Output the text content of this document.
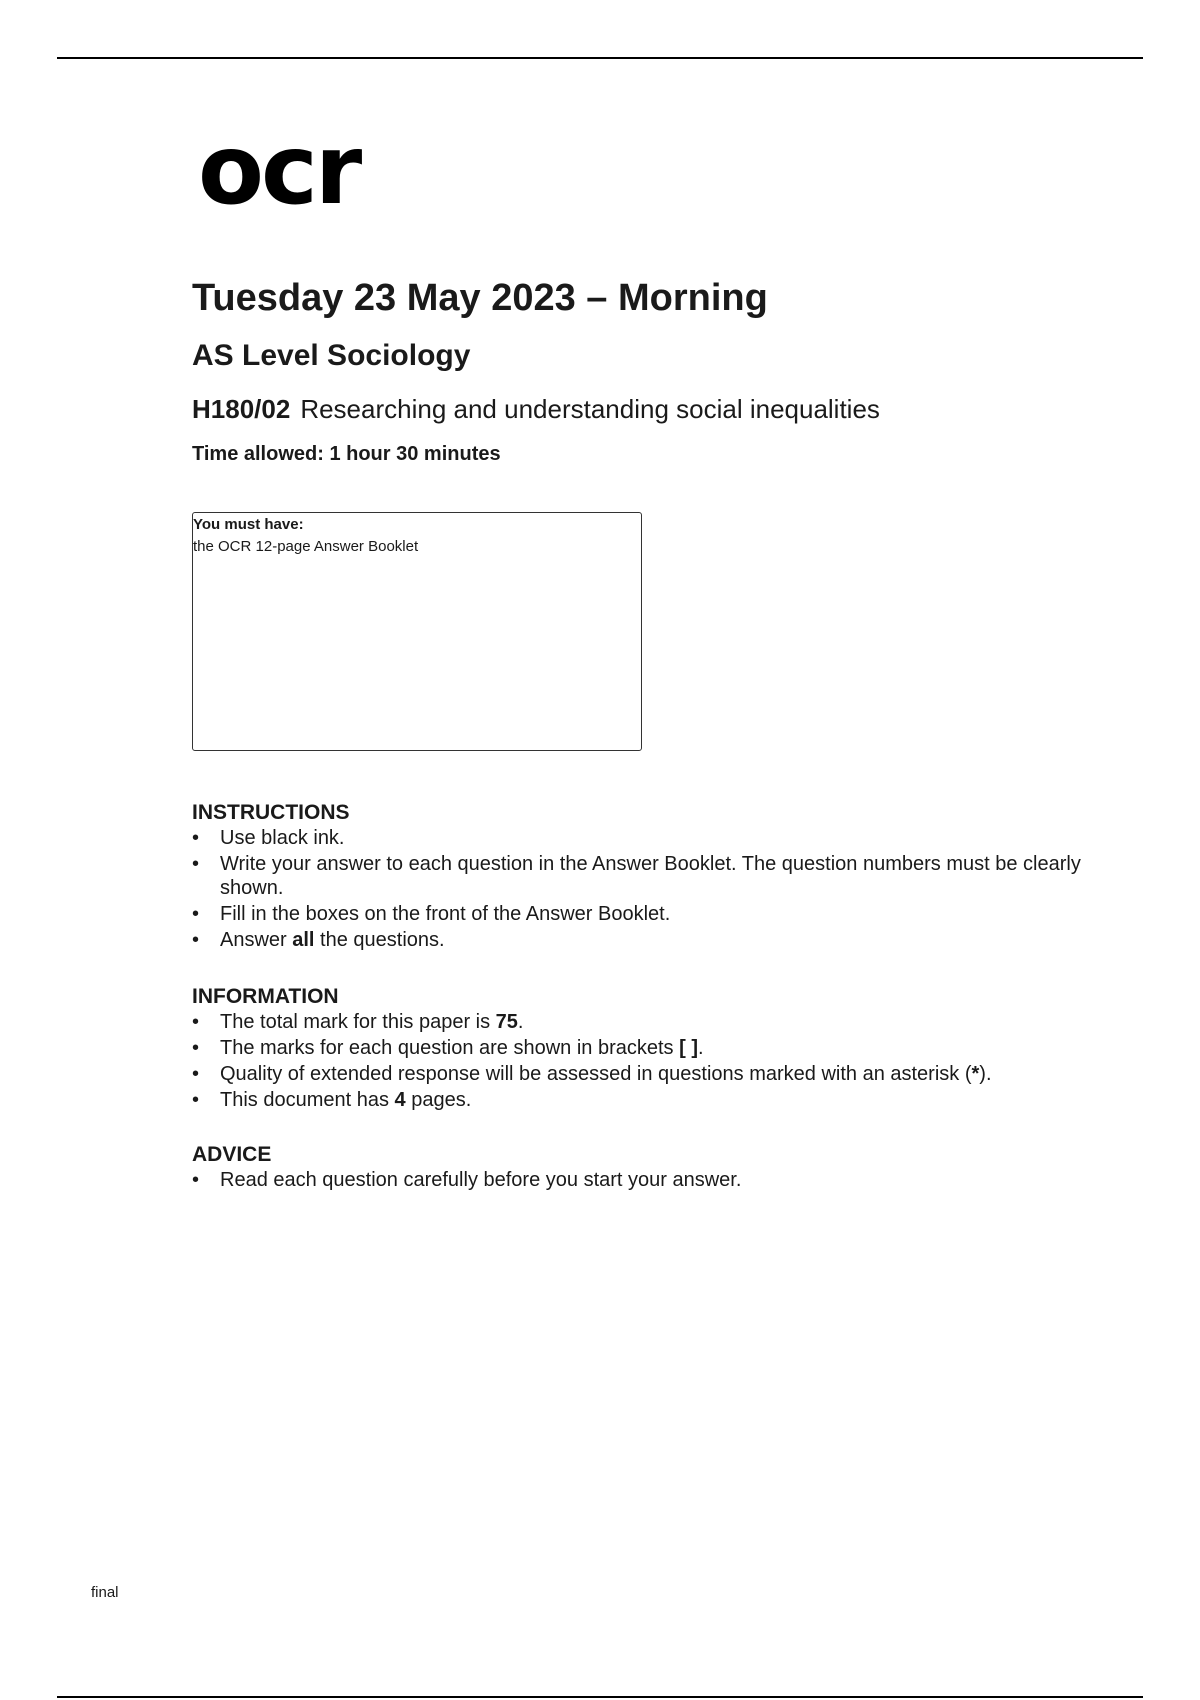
ocr
Tuesday 23 May 2023 – Morning
AS Level Sociology
H180/02 Researching and understanding social inequalities
Time allowed: 1 hour 30 minutes
You must have:
the OCR 12-page Answer Booklet
INSTRUCTIONS
• Use black ink.
• Write your answer to each question in the Answer Booklet. The question numbers must be clearly shown.
• Fill in the boxes on the front of the Answer Booklet.
• Answer all the questions.
INFORMATION
• The total mark for this paper is 75.
• The marks for each question are shown in brackets [ ].
• Quality of extended response will be assessed in questions marked with an asterisk (*).
• This document has 4 pages.
ADVICE
• Read each question carefully before you start your answer.
final
